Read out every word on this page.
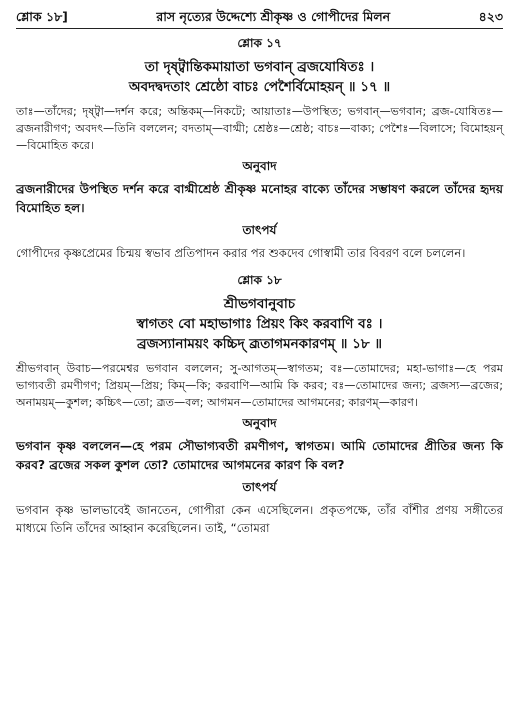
শ্লোক ১৮]	রাস নৃত্যের উদ্দেশ্যে শ্রীকৃষ্ণ ও গোপীদের মিলন	৪২৩
শ্লোক ১৭
তা দৃষ্ট্বান্তিকমায়াতা ভগবান্ ব্রজযোষিতঃ ।
অবদদ্বদতাং শ্রেষ্ঠো বাচঃ পেশৈর্বিমোহয়ন্ ॥ ১৭ ॥
তাঃ—তাঁদের; দৃষ্ট্বা—দর্শন করে; অন্তিকম্—নিকটে; আয়াতাঃ—উপস্থিত; ভগবান্—ভগবান; ব্রজ-যোষিতঃ—ব্রজনারীগণ; অবদৎ—তিনি বললেন; বদতাম্—বাগ্মী; শ্রেষ্ঠঃ—শ্রেষ্ঠ; বাচঃ—বাক্য; পেশৈঃ—বিলাসে; বিমোহয়ন্—বিমোহিত করে।
অনুবাদ
ব্রজনারীদের উপস্থিত দর্শন করে বাগ্মীশ্রেষ্ঠ শ্রীকৃষ্ণ মনোহর বাক্যে তাঁদের সম্ভাষণ করলে তাঁদের হৃদয় বিমোহিত হল।
তাৎপর্য
গোপীদের কৃষ্ণপ্রেমের চিন্ময় স্বভাব প্রতিপাদন করার পর শুকদেব গোস্বামী তার বিবরণ বলে চললেন।
শ্লোক ১৮
শ্রীভগবানুবাচ
স্বাগতং বো মহাভাগাঃ প্রিয়ং কিং করবাণি বঃ ।
ব্রজস্যানাময়ং কচ্চিদ্ ব্রূতাগমনকারণম্ ॥ ১৮ ॥
শ্রীভগবান্ উবাচ—পরমেশ্বর ভগবান বললেন; সু-আগতম্—স্বাগতম; বঃ—তোমাদের; মহা-ভাগাঃ—হে পরম ভাগ্যবতী রমণীগণ; প্রিয়ম্—প্রিয়; কিম্—কি; করবাণি—আমি কি করব; বঃ—তোমাদের জন্য; ব্রজস্য—ব্রজের; অনাময়ম্—কুশল; কচ্চিৎ—তো; ব্রূত—বল; আগমন—তোমাদের আগমনের; কারণম্—কারণ।
অনুবাদ
ভগবান কৃষ্ণ বললেন—হে পরম সৌভাগ্যবতী রমণীগণ, স্বাগতম। আমি তোমাদের প্রীতির জন্য কি করব? ব্রজের সকল কুশল তো? তোমাদের আগমনের কারণ কি বল?
তাৎপর্য
ভগবান কৃষ্ণ ভালভাবেই জানতেন, গোপীরা কেন এসেছিলেন। প্রকৃতপক্ষে, তাঁর বাঁশীর প্রণয় সঙ্গীতের মাধ্যমে তিনি তাঁদের আহ্বান করেছিলেন। তাই, “তোমরা
